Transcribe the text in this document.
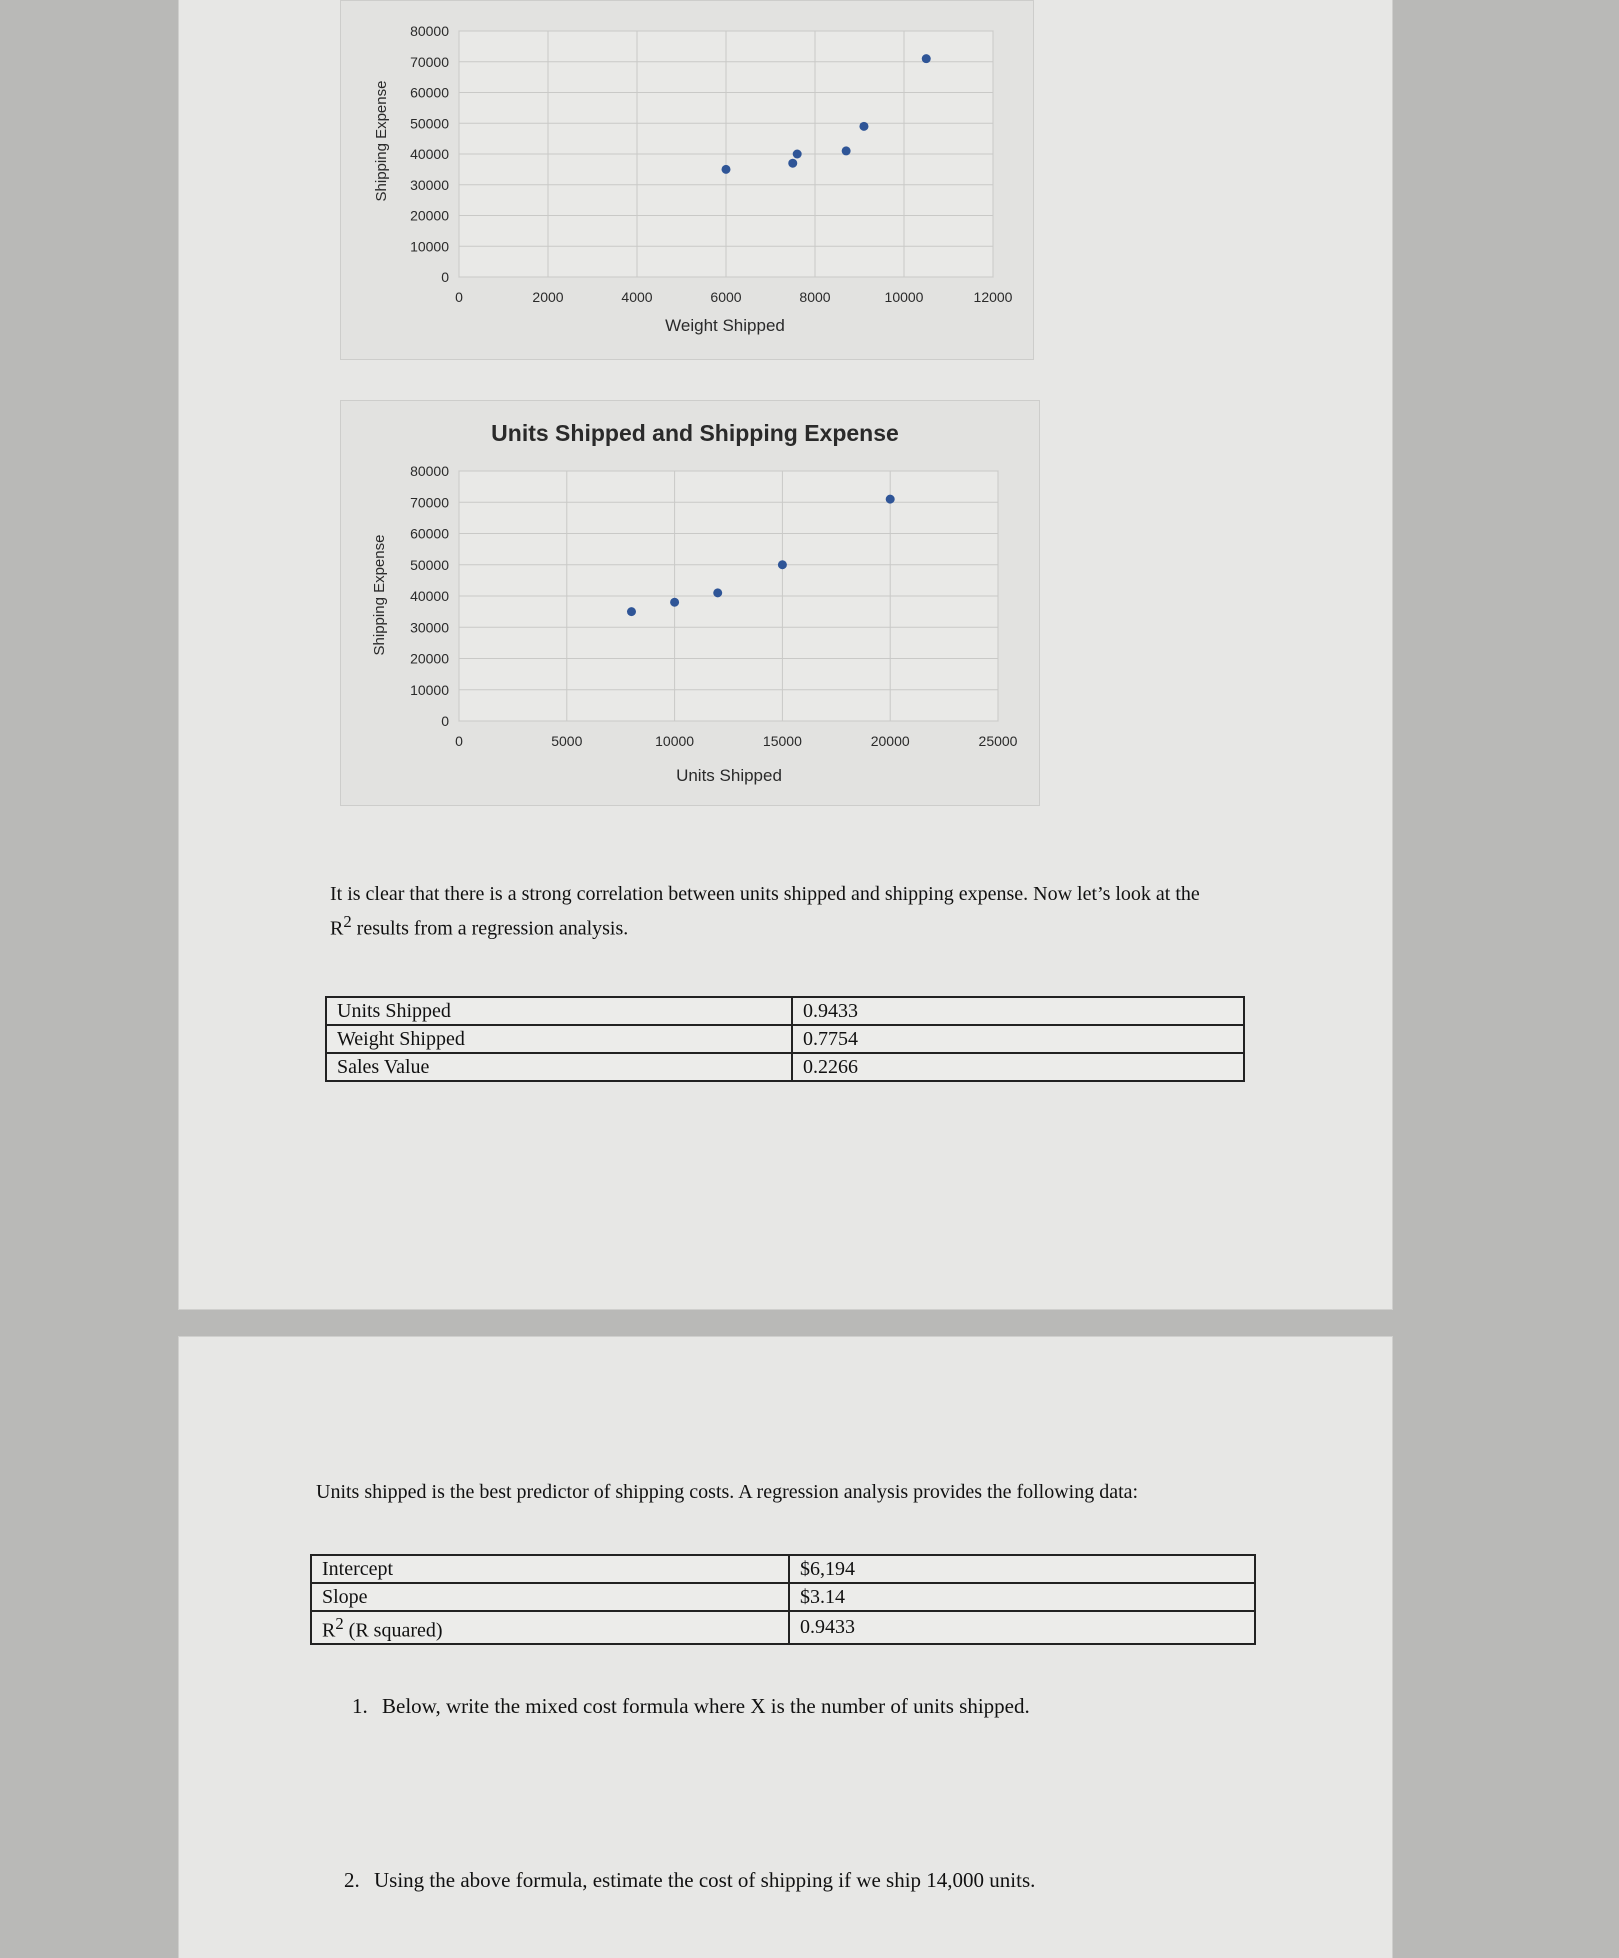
0
10000
20000
30000
40000
50000
60000
70000
80000
0	2000	4000	6000	8000	10000	12000
Weight Shipped
Shipping Expense
Units Shipped and Shipping Expense
0
10000
20000
30000
40000
50000
60000
70000
80000
0	5000	10000	15000	20000	25000
Units Shipped
Shipping Expense

It is clear that there is a strong correlation between units shipped and shipping expense. Now let’s look at the $R^2$ results from a regression analysis.

Units Shipped	0.9433
Weight Shipped	0.7754
Sales Value	0.2266

Units shipped is the best predictor of shipping costs. A regression analysis provides the following data:

Intercept	$6,194
Slope	$3.14
$R^2$ (R squared)	0.9433
1. Below, write the mixed cost formula where X is the number of units shipped.
2. Using the above formula, estimate the cost of shipping if we ship 14,000 units.
